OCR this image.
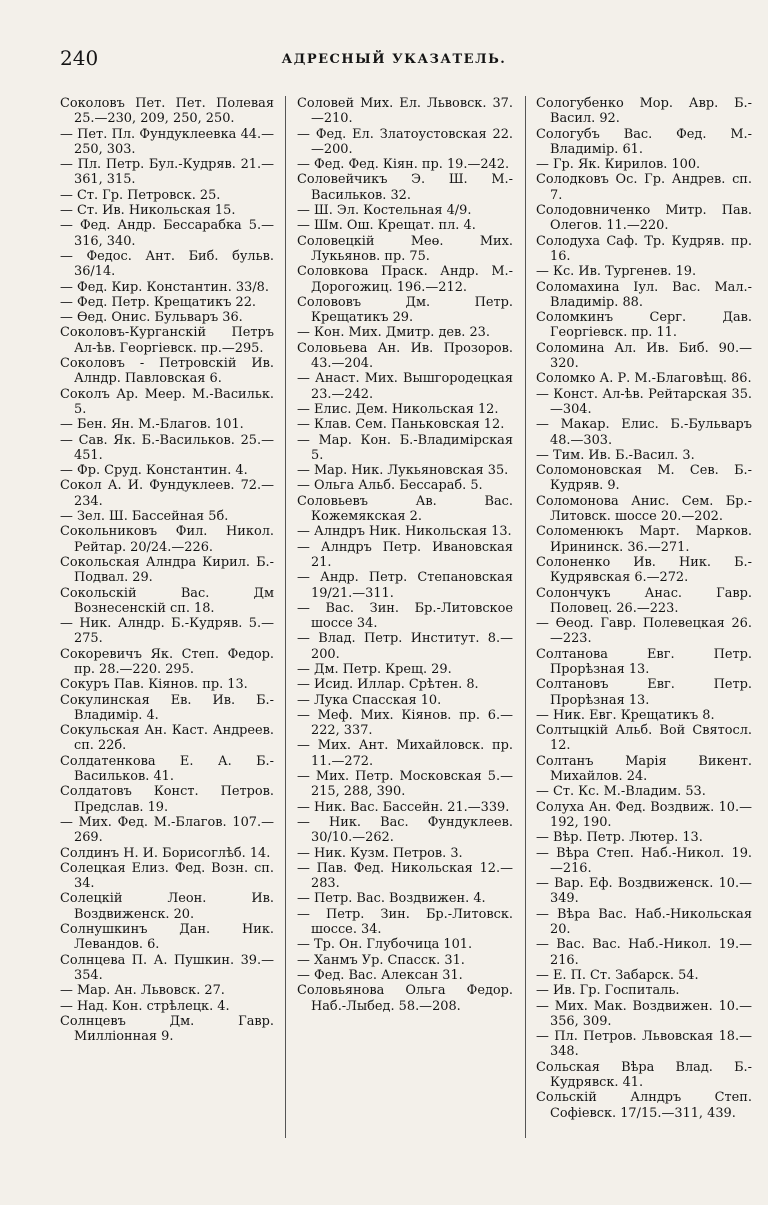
240	АДРЕСНЫЙ УКАЗАТЕЛЬ.

Соколовъ Пет. Пет. Полевая 25.—230, 209, 250, 250.

— Пет. Пл. Фундуклеевка 44.—250, 303.

— Пл. Петр. Бул.-Кудряв. 21.—361, 315.

— Ст. Гр. Петровск. 25.

— Ст. Ив. Никольская 15.

— Фед. Андр. Бессарабка 5.—316, 340.

— Федос. Ант. Биб. бульв. 36/14.

— Фед. Кир. Константин. 33/8.

— Фед. Петр. Крещатикъ 22.

— Өед. Онис. Бульваръ 36.

Соколовъ-Курганскій Петръ Ал-ѣв. Георгіевск. пр.—295.

Соколовъ - Петровскій Ив. Алндр. Павловская 6.

Соколъ Ар. Меер. М.-Васильк. 5.

— Бен. Ян. М.-Благов. 101.

— Сав. Як. Б.-Васильков. 25.—451.

— Фр. Сруд. Константин. 4.

Сокол А. И. Фундуклеев. 72.—234.

— Зел. Ш. Бассейная 5б.

Сокольниковъ Фил. Никол. Рейтар. 20/24.—226.

Сокольская Алндра Кирил. Б.-Подвал. 29.

Сокольскій Вас. Дм Вознесенскій сп. 18.

— Ник. Алндр. Б.-Кудряв. 5.—275.

Сокоревичъ Як. Степ. Федор. пр. 28.—220. 295.

Сокуръ Пав. Кіянов. пр. 13.

Сокулинская Ев. Ив. Б.-Владимір. 4.

Сокульская Ан. Каст. Андреев. сп. 22б.

Солдатенкова Е. А. Б.-Васильков. 41.

Солдатовъ Конст. Петров. Предслав. 19.

— Мих. Фед. М.-Благов. 107.—269.

Солдинъ Н. И. Борисоглѣб. 14.

Солецкая Елиз. Фед. Возн. сп. 34.

Солецкій Леон. Ив. Воздвиженск. 20.

Солнушкинъ Дан. Ник. Левандов. 6.

Солнцева П. А. Пушкин. 39.—354.

— Мар. Ан. Львовск. 27.

— Над. Кон. стрѣлецк. 4.

Солнцевъ Дм. Гавр. Милліонная 9.

Соловей Мих. Ел. Львовск. 37.—210.

— Фед. Ел. Златоустовская 22.—200.

— Фед. Фед. Кіян. пр. 19.—242.

Соловейчикъ Э. Ш. М.-Васильков. 32.

— Ш. Эл. Костельная 4/9.

— Шм. Ош. Крещат. пл. 4.

Соловецкій Меө. Мих. Лукьянов. пр. 75.

Соловкова Праск. Андр. М.-Дорогожиц. 196.—212.

Солововъ Дм. Петр. Крещатикъ 29.

— Кон. Мих. Дмитр. дев. 23.

Соловьева Ан. Ив. Прозоров. 43.—204.

— Анаст. Мих. Вышгородецкая 23.—242.

— Елис. Дем. Никольская 12.

— Клав. Сем. Паньковская 12.

— Мар. Кон. Б.-Владимірская 5.

— Мар. Ник. Лукьяновская 35.

— Ольга Альб. Бессараб. 5.

Соловьевъ Ав. Вас. Кожемякская 2.

— Алндръ Ник. Никольская 13.

— Алндръ Петр. Ивановская 21.

— Андр. Петр. Степановская 19/21.—311.

— Вас. Зин. Бр.-Литовское шоссе 34.

— Влад. Петр. Институт. 8.—200.

— Дм. Петр. Крещ. 29.

— Исид. Иллар. Срѣтен. 8.

— Лука Спасская 10.

— Меф. Мих. Кіянов. пр. 6.—222, 337.

— Мих. Ант. Михайловск. пр. 11.—272.

— Мих. Петр. Московская 5.—215, 288, 390.

— Ник. Вас. Бассейн. 21.—339.

— Ник. Вас. Фундуклеев. 30/10.—262.

— Ник. Кузм. Петров. 3.

— Пав. Фед. Никольская 12.—283.

— Петр. Вас. Воздвижен. 4.

— Петр. Зин. Бр.-Литовск. шоссе. 34.

— Тр. Он. Глубочица 101.

— Ханмъ Ур. Спасск. 31.

— Фед. Вас. Алексан 31.

Соловьянова Ольга Федор. Наб.-Лыбед. 58.—208.

Сологубенко Мор. Авр. Б.-Васил. 92.

Сологубъ Вас. Фед. М.-Владимір. 61.

— Гр. Як. Кирилов. 100.

Солодковъ Ос. Гр. Андрев. сп. 7.

Солодовниченко Митр. Пав. Олегов. 11.—220.

Солодуха Саф. Тр. Кудряв. пр. 16.

— Кс. Ив. Тургенев. 19.

Соломахина Іул. Вас. Мал.-Владимір. 88.

Соломкинъ Серг. Дав. Георгіевск. пр. 11.

Соломина Ал. Ив. Биб. 90.—320.

Соломко А. Р. М.-Благовѣщ. 86.

— Конст. Ал-ѣв. Рейтарская 35.—304.

— Макар. Елис. Б.-Бульваръ 48.—303.

— Тим. Ив. Б.-Васил. 3.

Соломоновская М. Сев. Б.-Кудряв. 9.

Соломонова Анис. Сем. Бр.-Литовск. шоссе 20.—202.

Соломенюкъ Март. Марков. Ирининск. 36.—271.

Солоненко Ив. Ник. Б.-Кудрявская 6.—272.

Солончукъ Анас. Гавр. Половец. 26.—223.

— Өеод. Гавр. Полевецкая 26.—223.

Солтанова Евг. Петр. Прорѣзная 13.

Солтановъ Евг. Петр. Прорѣзная 13.

— Ник. Евг. Крещатикъ 8.

Солтыцкій Альб. Вой Святосл. 12.

Солтанъ Марія Викент. Михайлов. 24.

— Ст. Кс. М.-Владим. 53.

Солуха Ан. Фед. Воздвиж. 10.—192, 190.

— Вѣр. Петр. Лютер. 13.

— Вѣра Степ. Наб.-Никол. 19.—216.

— Вар. Еф. Воздвиженск. 10.—349.

— Вѣра Вас. Наб.-Никольская 20.

— Вас. Вас. Наб.-Никол. 19.—216.

— Е. П. Ст. Забарск. 54.

— Ив. Гр. Госпиталь.

— Мих. Мак. Воздвижен. 10.—356, 309.

— Пл. Петров. Львовская 18.—348.

Сольская Вѣра Влад. Б.-Кудрявск. 41.

Сольскій Алндръ Степ. Софіевск. 17/15.—311, 439.
